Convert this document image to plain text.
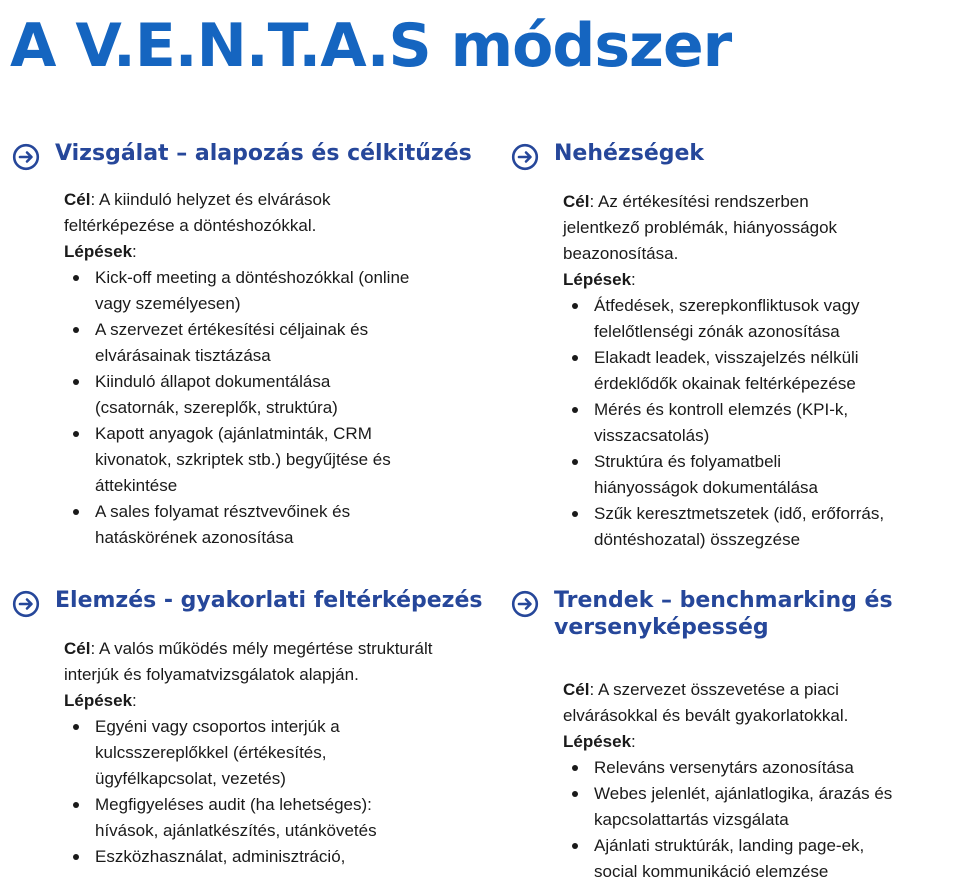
A V.E.N.T.A.S módszer
Vizsgálat – alapozás és célkitűzés
Cél: A kiinduló helyzet és elvárások feltérképezése a döntéshozókkal.
Lépések:
Kick-off meeting a döntéshozókkal (online vagy személyesen)
A szervezet értékesítési céljainak és elvárásainak tisztázása
Kiinduló állapot dokumentálása (csatornák, szereplők, struktúra)
Kapott anyagok (ajánlatminták, CRM kivonatok, szkriptek stb.) begyűjtése és áttekintése
A sales folyamat résztvevőinek és hatáskörének azonosítása
Nehézségek
Cél: Az értékesítési rendszerben jelentkező problémák, hiányosságok beazonosítása.
Lépések:
Átfedések, szerepkonfliktusok vagy felelőtlenségi zónák azonosítása
Elakadt leadek, visszajelzés nélküli érdeklődők okainak feltérképezése
Mérés és kontroll elemzés (KPI-k, visszacsatolás)
Struktúra és folyamatbeli hiányosságok dokumentálása
Szűk keresztmetszetek (idő, erőforrás, döntéshozatal) összegzése
Elemzés - gyakorlati feltérképezés
Cél: A valós működés mély megértése strukturált interjúk és folyamatvizsgálatok alapján.
Lépések:
Egyéni vagy csoportos interjúk a kulcsszereplőkkel (értékesítés, ügyfélkapcsolat, vezetés)
Megfigyeléses audit (ha lehetséges): hívások, ajánlatkészítés, utánkövetés
Eszközhasználat, adminisztráció,
Trendek – benchmarking és versenyképesség
Cél: A szervezet összevetése a piaci elvárásokkal és bevált gyakorlatokkal.
Lépések:
Releváns versenytárs azonosítása
Webes jelenlét, ajánlatlogika, árazás és kapcsolattartás vizsgálata
Ajánlati struktúrák, landing page-ek, social kommunikáció elemzése
